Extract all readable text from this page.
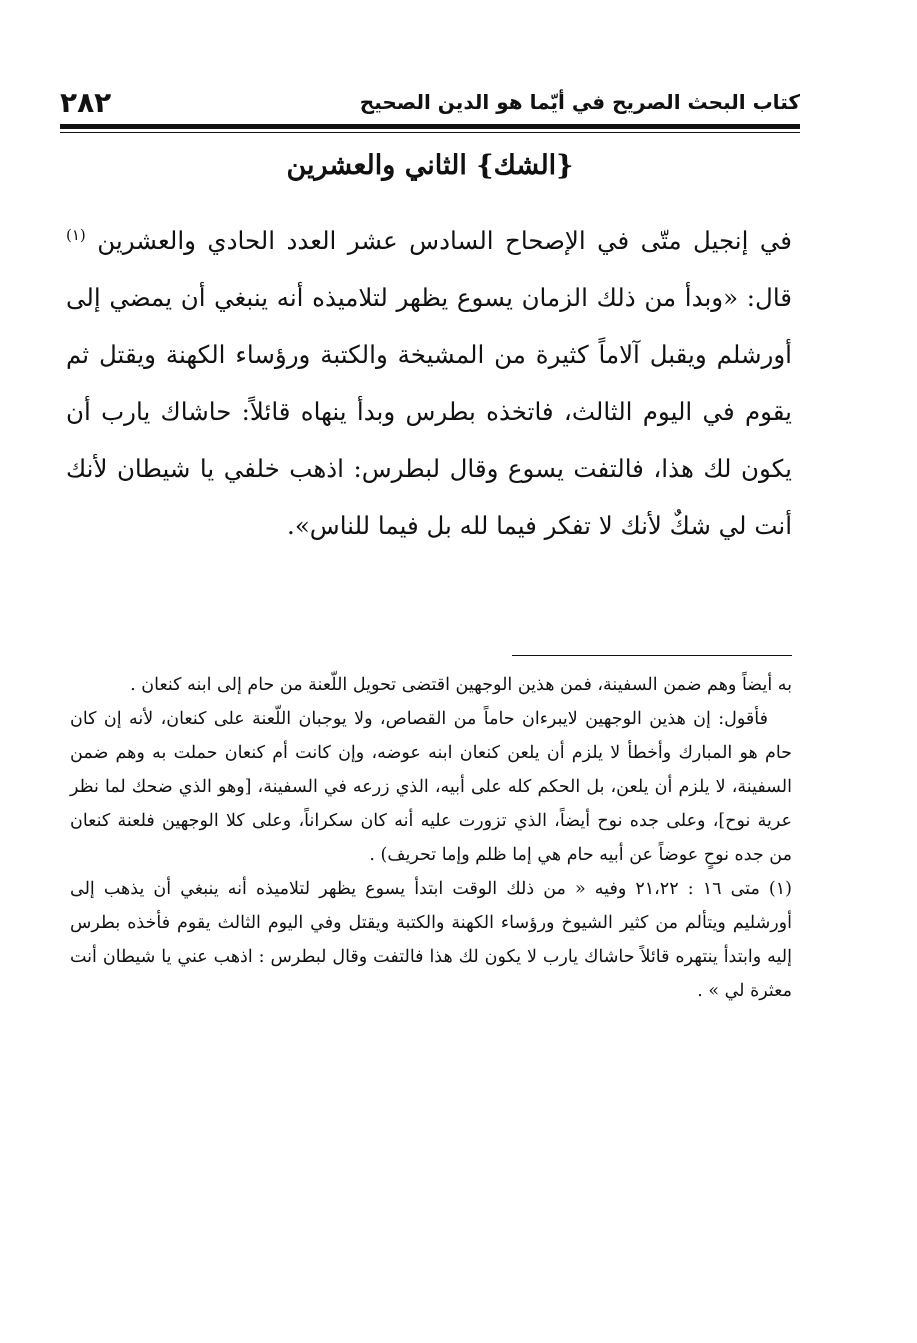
٢٨٢	كتاب البحث الصريح في أيّما هو الدين الصحيح
{الشك} الثاني والعشرين
في إنجيل متّى في الإصحاح السادس عشر العدد الحادي والعشرين $^{(١)}$ قال: «وبدأ من ذلك الزمان يسوع يظهر لتلاميذه أنه ينبغي أن يمضي إلى أورشلم ويقبل آلاماً كثيرة من المشيخة والكتبة ورؤساء الكهنة ويقتل ثم يقوم في اليوم الثالث، فاتخذه بطرس وبدأ ينهاه قائلاً: حاشاك يارب أن يكون لك هذا، فالتفت يسوع وقال لبطرس: اذهب خلفي يا شيطان لأنك أنت لي شكٌ لأنك لا تفكر فيما لله بل فيما للناس».

به أيضاً وهم ضمن السفينة، فمن هذين الوجهين اقتضى تحويل اللّعنة من حام إلى ابنه كنعان .

فأقول: إن هذين الوجهين لايبرءان حاماً من القصاص، ولا يوجبان اللّعنة على كنعان، لأنه إن كان حام هو المبارك وأخطأ لا يلزم أن يلعن كنعان ابنه عوضه، وإن كانت أم كنعان حملت به وهم ضمن السفينة، لا يلزم أن يلعن، بل الحكم كله على أبيه، الذي زرعه في السفينة، [وهو الذي ضحك لما نظر عرية نوح]، وعلى جده نوح أيضاً، الذي تزورت عليه أنه كان سكراناً، وعلى كلا الوجهين فلعنة كنعان من جده نوحٍ عوضاً عن أبيه حام هي إما ظلم وإما تحريف) .

(١) متى ١٦ : ٢١،٢٢ وفيه « من ذلك الوقت ابتدأ يسوع يظهر لتلاميذه أنه ينبغي أن يذهب إلى أورشليم ويتألم من كثير الشيوخ ورؤساء الكهنة والكتبة ويقتل وفي اليوم الثالث يقوم فأخذه بطرس إليه وابتدأ ينتهره قائلاً حاشاك يارب لا يكون لك هذا فالتفت وقال لبطرس : اذهب عني يا شيطان أنت معثرة لي » .
